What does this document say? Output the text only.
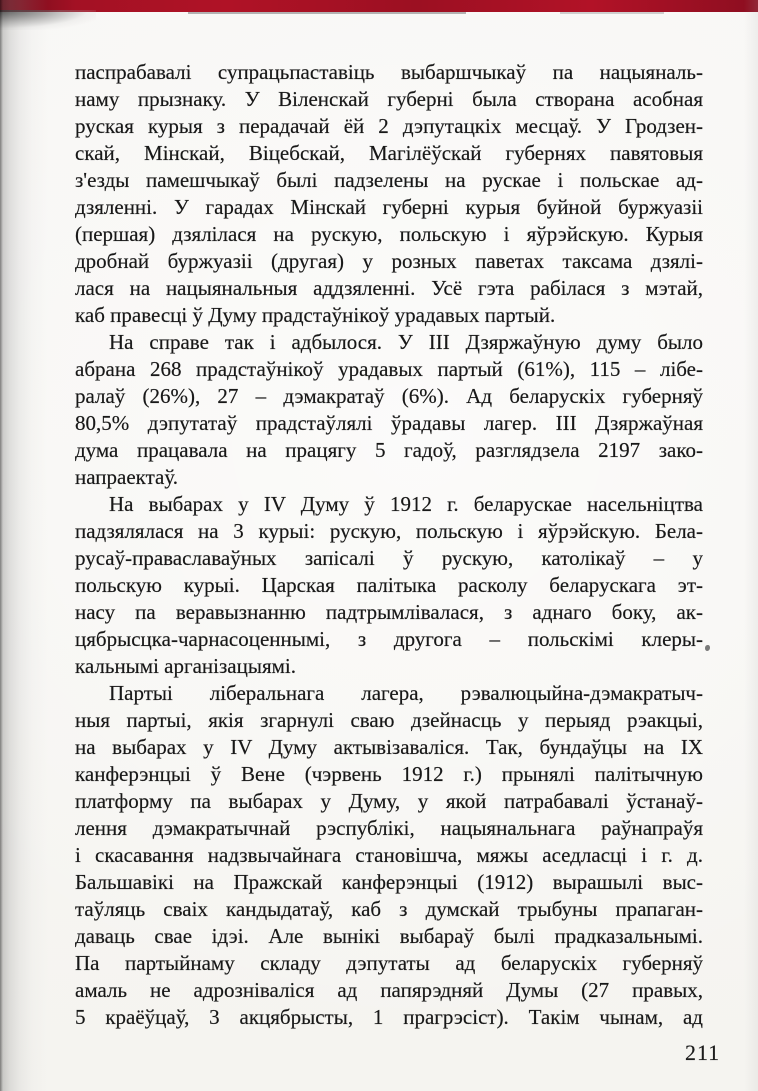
паспрабавалі супрацьпаставіць выбаршчыкаў па нацыяналь-
наму прызнаку. У Віленскай губерні была створана асобная
руская курыя з перадачай ёй 2 дэпутацкіх месцаў. У Гродзен-
скай, Мінскай, Віцебскай, Магілёўскай губернях павятовыя
з'езды памешчыкаў былі падзелены на рускае і польскае ад-
дзяленні. У гарадах Мінскай губерні курыя буйной буржуазіі
(першая) дзялілася на рускую, польскую і яўрэйскую. Курыя
дробнай буржуазіі (другая) у розных паветах таксама дзялі-
лася на нацыянальныя аддзяленні. Усё гэта рабілася з мэтай,
каб правесці ў Думу прадстаўнікоў урадавых партый.
На справе так і адбылося. У III Дзяржаўную думу было
абрана 268 прадстаўнікоў урадавых партый (61%), 115 – лібе-
ралаў (26%), 27 – дэмакратаў (6%). Ад беларускіх губерняў
80,5% дэпутатаў прадстаўлялі ўрадавы лагер. III Дзяржаўная
дума працавала на працягу 5 гадоў, разглядзела 2197 зако-
напраектаў.
На выбарах у IV Думу ў 1912 г. беларускае насельніцтва
падзялялася на 3 курыі: рускую, польскую і яўрэйскую. Бела-
русаў-праваславаўных запісалі ў рускую, католікаў – у
польскую курыі. Царская палітыка расколу беларускага эт-
насу па веравызнанню падтрымлівалася, з аднаго боку, ак-
цябрысцка-чарнасоценнымі, з другога – польскімі клеры-
кальнымі арганізацыямі.
Партыі ліберальнага лагера, рэвалюцыйна-дэмакратыч-
ныя партыі, якія згарнулі сваю дзейнасць у перыяд рэакцыі,
на выбарах у IV Думу актывізаваліся. Так, бундаўцы на IX
канферэнцыі ў Вене (чэрвень 1912 г.) прынялі палітычную
платформу па выбарах у Думу, у якой патрабавалі ўстанаў-
лення дэмакратычнай рэспублікі, нацыянальнага раўнапраўя
і скасавання надзвычайнага становішча, мяжы аседласці і г. д.
Бальшавікі на Пражскай канферэнцыі (1912) вырашылі выс-
таўляць сваіх кандыдатаў, каб з думскай трыбуны прапаган-
даваць свае ідэі. Але вынікі выбараў былі прадказальнымі.
Па партыйнаму складу дэпутаты ад беларускіх губерняў
амаль не адрозніваліся ад папярэдняй Думы (27 правых,
5 краёўцаў, 3 акцябрысты, 1 прагрэсіст). Такім чынам, ад
211
